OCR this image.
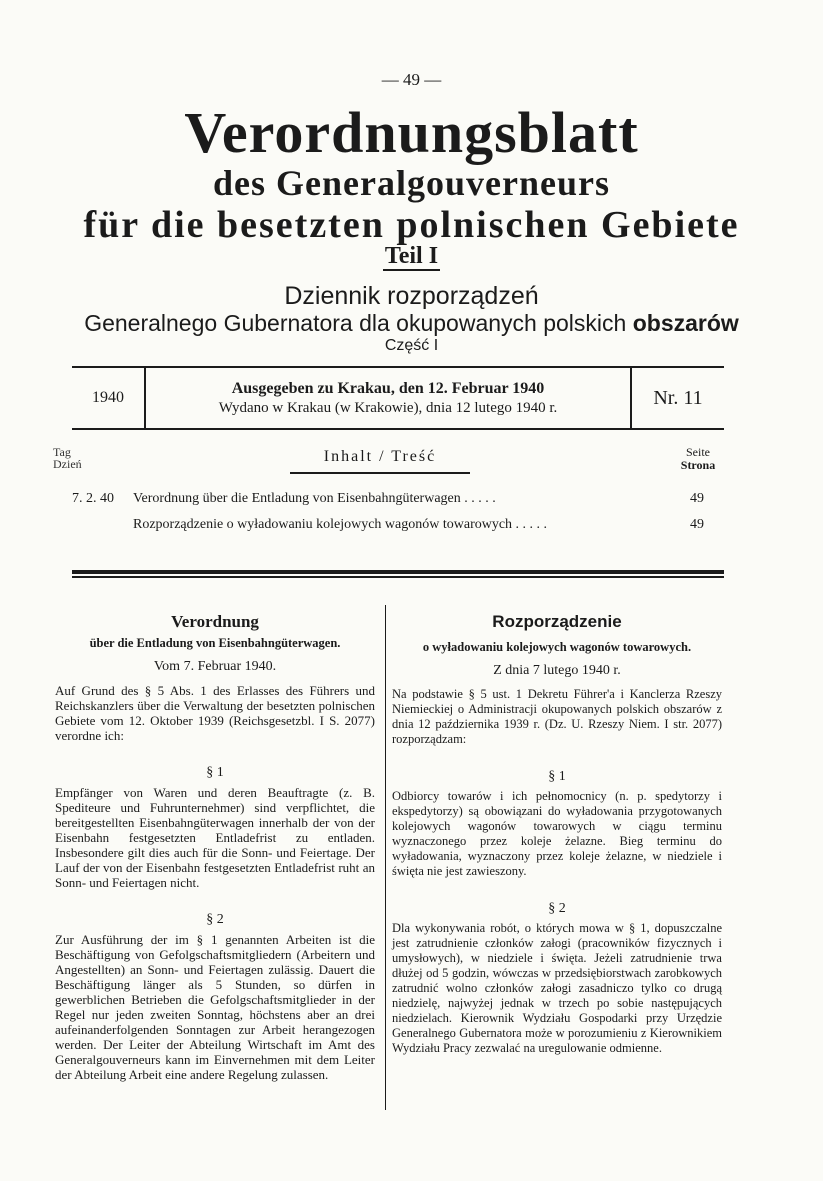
— 49 —
Verordnungsblatt
des Generalgouverneurs
für die besetzten polnischen Gebiete
Teil I
Dziennik rozporządzeń
Generalnego Gubernatora dla okupowanych polskich obszarów
Część I
1940
Ausgegeben zu Krakau, den 12. Februar 1940
Wydano w Krakau (w Krakowie), dnia 12 lutego 1940 r.	Nr. 11
Tag
Dzień	Inhalt / Treść	Seite
Strona
7. 2. 40 Verordnung über die Entladung von Eisenbahngüterwagen . . . . .	49
Rozporządzenie o wyładowaniu kolejowych wagonów towarowych . . . . .	49

Verordnung

über die Entladung von Eisenbahngüterwagen.

Vom 7. Februar 1940.

Auf Grund des § 5 Abs. 1 des Erlasses des Führers und Reichskanzlers über die Verwaltung der besetzten polnischen Gebiete vom 12. Oktober 1939 (Reichsgesetzbl. I S. 2077) verordne ich:

§ 1

Empfänger von Waren und deren Beauftragte (z. B. Spediteure und Fuhrunternehmer) sind verpflichtet, die bereitgestellten Eisenbahngüterwagen innerhalb der von der Eisenbahn festgesetzten Entladefrist zu entladen. Insbesondere gilt dies auch für die Sonn- und Feiertage. Der Lauf der von der Eisenbahn festgesetzten Entladefrist ruht an Sonn- und Feiertagen nicht.

§ 2

Zur Ausführung der im § 1 genannten Arbeiten ist die Beschäftigung von Gefolgschaftsmitgliedern (Arbeitern und Angestellten) an Sonn- und Feiertagen zulässig. Dauert die Beschäftigung länger als 5 Stunden, so dürfen in gewerblichen Betrieben die Gefolgschaftsmitglieder in der Regel nur jeden zweiten Sonntag, höchstens aber an drei aufeinanderfolgenden Sonntagen zur Arbeit herangezogen werden. Der Leiter der Abteilung Wirtschaft im Amt des Generalgouverneurs kann im Einvernehmen mit dem Leiter der Abteilung Arbeit eine andere Regelung zulassen.

Rozporządzenie

o wyładowaniu kolejowych wagonów towarowych.

Z dnia 7 lutego 1940 r.

Na podstawie § 5 ust. 1 Dekretu Führer'a i Kanclerza Rzeszy Niemieckiej o Administracji okupowanych polskich obszarów z dnia 12 października 1939 r. (Dz. U. Rzeszy Niem. I str. 2077) rozporządzam:

§ 1

Odbiorcy towarów i ich pełnomocnicy (n. p. spedytorzy i ekspedytorzy) są obowiązani do wyładowania przygotowanych kolejowych wagonów towarowych w ciągu terminu wyznaczonego przez koleje żelazne. Bieg terminu do wyładowania, wyznaczony przez koleje żelazne, w niedziele i święta nie jest zawieszony.

§ 2

Dla wykonywania robót, o których mowa w § 1, dopuszczalne jest zatrudnienie członków załogi (pracowników fizycznych i umysłowych), w niedziele i święta. Jeżeli zatrudnienie trwa dłużej od 5 godzin, wówczas w przedsiębiorstwach zarobkowych zatrudnić wolno członków załogi zasadniczo tylko co drugą niedzielę, najwyżej jednak w trzech po sobie następujących niedzielach. Kierownik Wydziału Gospodarki przy Urzędzie Generalnego Gubernatora może w porozumieniu z Kierownikiem Wydziału Pracy zezwalać na uregulowanie odmienne.
